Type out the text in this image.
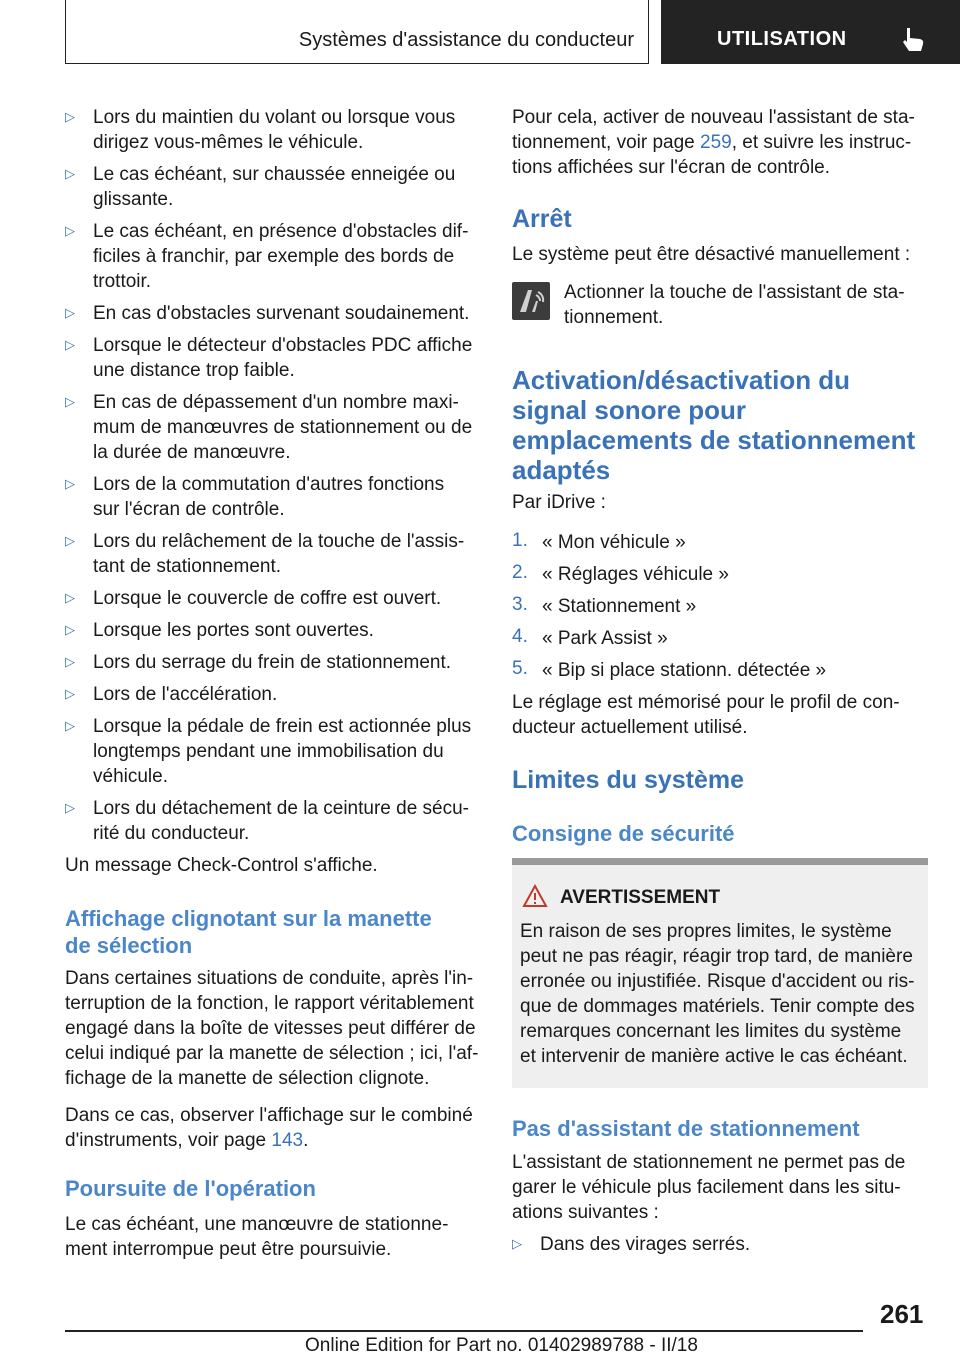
Systèmes d'assistance du conducteur	UTILISATION
▷ Lors du maintien du volant ou lorsque vous
dirigez vous-mêmes le véhicule.
▷ Le cas échéant, sur chaussée enneigée ou
glissante.
▷ Le cas échéant, en présence d'obstacles dif-
ficiles à franchir, par exemple des bords de
trottoir.
▷ En cas d'obstacles survenant soudainement.
▷ Lorsque le détecteur d'obstacles PDC affiche
une distance trop faible.
▷ En cas de dépassement d'un nombre maxi-
mum de manœuvres de stationnement ou de
la durée de manœuvre.
▷ Lors de la commutation d'autres fonctions
sur l'écran de contrôle.
▷ Lors du relâchement de la touche de l'assis-
tant de stationnement.
▷ Lorsque le couvercle de coffre est ouvert.
▷ Lorsque les portes sont ouvertes.
▷ Lors du serrage du frein de stationnement.
▷ Lors de l'accélération.
▷ Lorsque la pédale de frein est actionnée plus
longtemps pendant une immobilisation du
véhicule.
▷ Lors du détachement de la ceinture de sécu-
rité du conducteur.
Un message Check-Control s'affiche.
Affichage clignotant sur la manette
de sélection
Dans certaines situations de conduite, après l'in-
terruption de la fonction, le rapport véritablement
engagé dans la boîte de vitesses peut différer de
celui indiqué par la manette de sélection ; ici, l'af-
fichage de la manette de sélection clignote.
Dans ce cas, observer l'affichage sur le combiné
d'instruments, voir page 143.
Poursuite de l'opération
Le cas échéant, une manœuvre de stationne-
ment interrompue peut être poursuivie.
Pour cela, activer de nouveau l'assistant de sta-
tionnement, voir page 259, et suivre les instruc-
tions affichées sur l'écran de contrôle.
Arrêt
Le système peut être désactivé manuellement :
Actionner la touche de l'assistant de sta-
tionnement.
Activation/désactivation du
signal sonore pour
emplacements de stationnement
adaptés
Par iDrive :
1. « Mon véhicule »
2. « Réglages véhicule »
3. « Stationnement »
4. « Park Assist »
5. « Bip si place stationn. détectée »
Le réglage est mémorisé pour le profil de con-
ducteur actuellement utilisé.
Limites du système
Consigne de sécurité
Pas d'assistant de stationnement
L'assistant de stationnement ne permet pas de
garer le véhicule plus facilement dans les situ-
ations suivantes :
▷ Dans des virages serrés.
AVERTISSEMENT
En raison de ses propres limites, le système
peut ne pas réagir, réagir trop tard, de manière
erronée ou injustifiée. Risque d'accident ou ris-
que de dommages matériels. Tenir compte des
remarques concernant les limites du système
et intervenir de manière active le cas échéant.
261
Online Edition for Part no. 01402989788 - II/18
